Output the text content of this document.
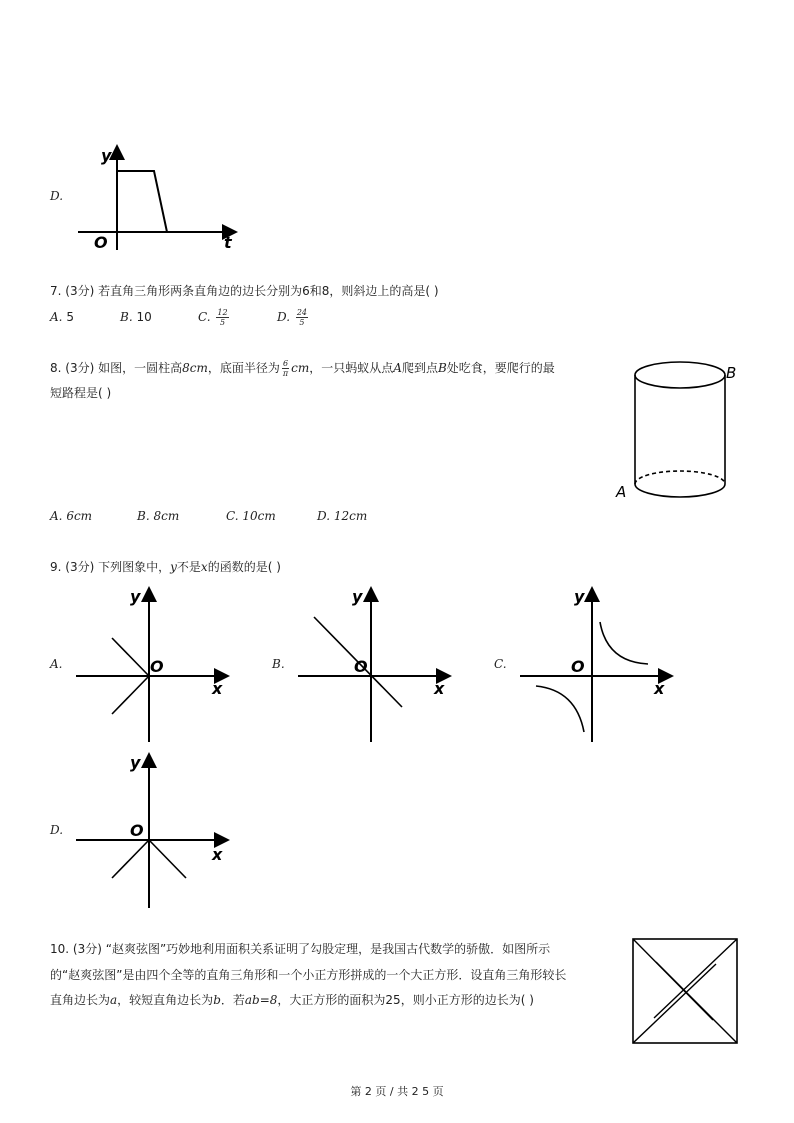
D.
y
O	t
7. (3分) 若直角三角形两条直角边的边长分别为6和8，则斜边上的高是( )
A. 5	B. 10	C. $\frac{12}{5}$	D. $\frac{24}{5}$
8. (3分) 如图，一圆柱高8cm，底面半径为 $\frac{6}{\pi}$ cm，一只蚂蚁从点A爬到点B处吃食，要爬行的最
短路程是( )
B
A
A. 6cm	B. 8cm	C. 10cm	D. 12cm
9. (3分) 下列图象中，y不是x的函数的是( )
A.
y
O
x
B.
y
O
x
C.
y
O
x
D.
y
O
x
10. (3分) “赵爽弦图”巧妙地利用面积关系证明了勾股定理，是我国古代数学的骄傲．如图所示
的“赵爽弦图”是由四个全等的直角三角形和一个小正方形拼成的一个大正方形．设直角三角形较长
直角边长为a，较短直角边长为b．若ab=8，大正方形的面积为25，则小正方形的边长为( )
第 2 页 / 共 2 5 页
